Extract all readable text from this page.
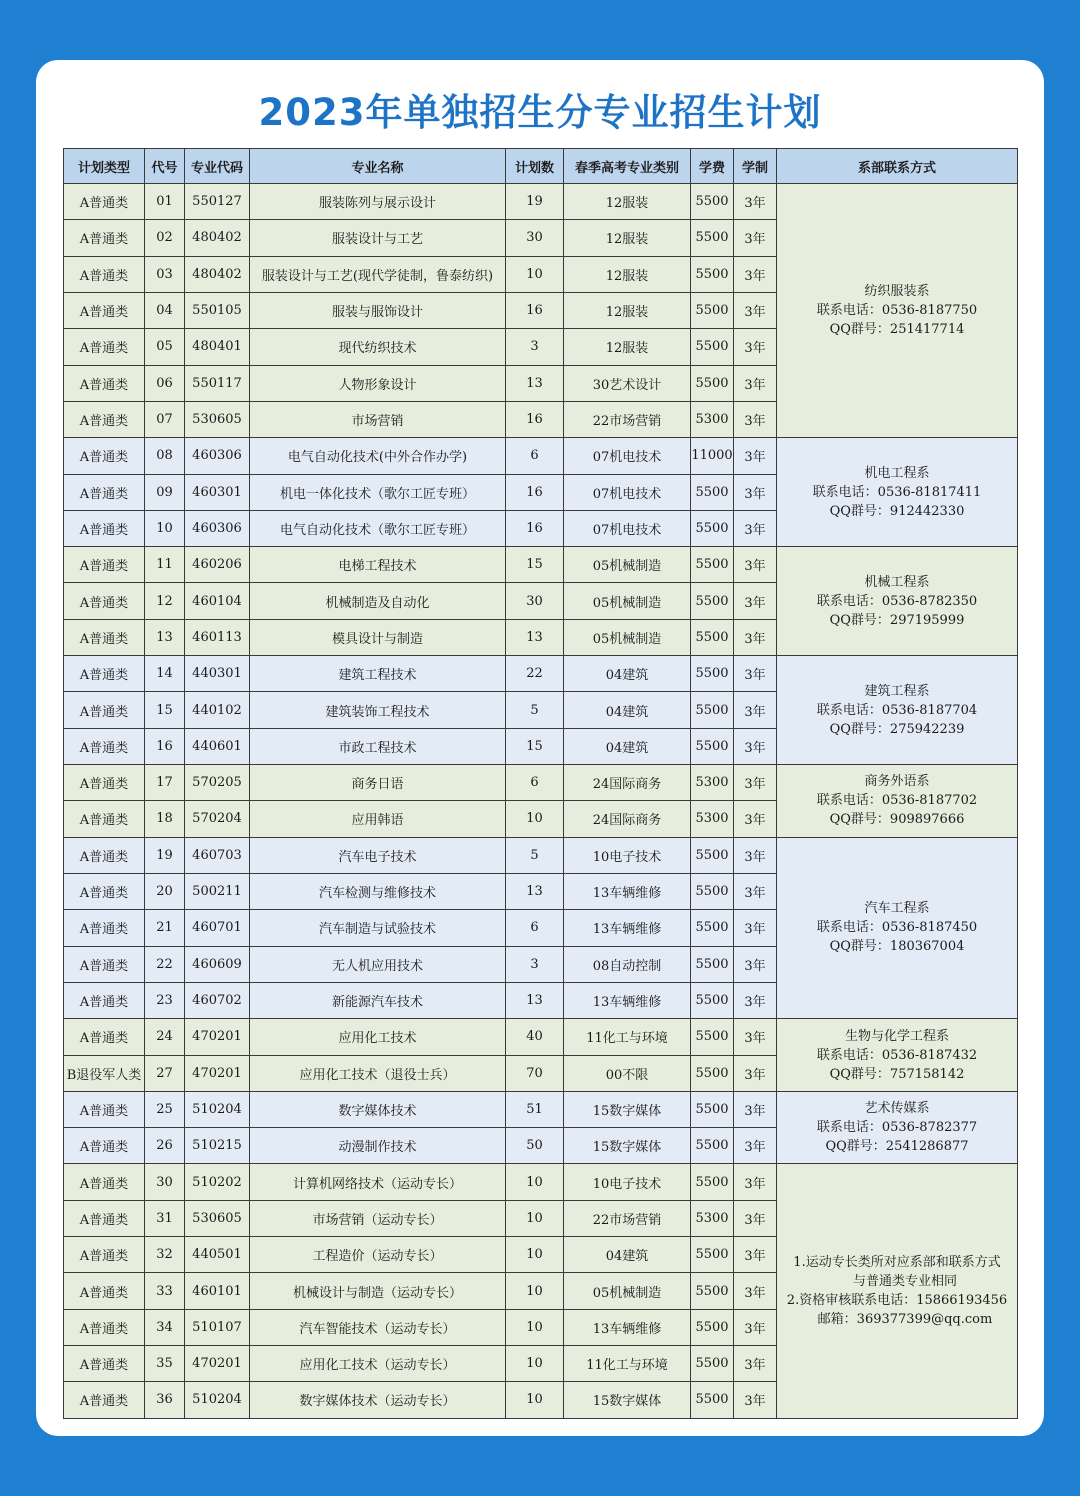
2023年单独招生分专业招生计划
计划类型	代号	专业代码	专业名称	计划数	春季高考专业类别	学费	学制	系部联系方式
A普通类	01	550127	服装陈列与展示设计	19	12服装	5500	3年	纺织服装系
联系电话：0536-8187750
QQ群号：251417714

A普通类	02	480402	服装设计与工艺	30	12服装	5500	3年	
A普通类	03	480402	服装设计与工艺(现代学徒制，鲁泰纺织)	10	12服装	5500	3年	
A普通类	04	550105	服装与服饰设计	16	12服装	5500	3年	
A普通类	05	480401	现代纺织技术	3	12服装	5500	3年	
A普通类	06	550117	人物形象设计	13	30艺术设计	5500	3年	
A普通类	07	530605	市场营销	16	22市场营销	5300	3年	
A普通类	08	460306	电气自动化技术(中外合作办学)	6	07机电技术	11000	3年	机电工程系
联系电话：0536-81817411
QQ群号：912442330

A普通类	09	460301	机电一体化技术（歌尔工匠专班）	16	07机电技术	5500	3年	
A普通类	10	460306	电气自动化技术（歌尔工匠专班）	16	07机电技术	5500	3年	
A普通类	11	460206	电梯工程技术	15	05机械制造	5500	3年	机械工程系
联系电话：0536-8782350
QQ群号：297195999

A普通类	12	460104	机械制造及自动化	30	05机械制造	5500	3年	
A普通类	13	460113	模具设计与制造	13	05机械制造	5500	3年	
A普通类	14	440301	建筑工程技术	22	04建筑	5500	3年	建筑工程系
联系电话：0536-8187704
QQ群号：275942239

A普通类	15	440102	建筑装饰工程技术	5	04建筑	5500	3年	
A普通类	16	440601	市政工程技术	15	04建筑	5500	3年	
A普通类	17	570205	商务日语	6	24国际商务	5300	3年	商务外语系
联系电话：0536-8187702
QQ群号：909897666

A普通类	18	570204	应用韩语	10	24国际商务	5300	3年	
A普通类	19	460703	汽车电子技术	5	10电子技术	5500	3年	汽车工程系
联系电话：0536-8187450
QQ群号：180367004

A普通类	20	500211	汽车检测与维修技术	13	13车辆维修	5500	3年	
A普通类	21	460701	汽车制造与试验技术	6	13车辆维修	5500	3年	
A普通类	22	460609	无人机应用技术	3	08自动控制	5500	3年	
A普通类	23	460702	新能源汽车技术	13	13车辆维修	5500	3年	
A普通类	24	470201	应用化工技术	40	11化工与环境	5500	3年	生物与化学工程系
联系电话：0536-8187432
QQ群号：757158142

B退役军人类	27	470201	应用化工技术（退役士兵）	70	00不限	5500	3年	
A普通类	25	510204	数字媒体技术	51	15数字媒体	5500	3年	艺术传媒系
联系电话：0536-8782377
QQ群号：2541286877

A普通类	26	510215	动漫制作技术	50	15数字媒体	5500	3年	
A普通类	30	510202	计算机网络技术（运动专长）	10	10电子技术	5500	3年	1.运动专长类所对应系部和联系方式
与普通类专业相同
2.资格审核联系电话：15866193456
邮箱：369377399@qq.com

A普通类	31	530605	市场营销（运动专长）	10	22市场营销	5300	3年	
A普通类	32	440501	工程造价（运动专长）	10	04建筑	5500	3年	
A普通类	33	460101	机械设计与制造（运动专长）	10	05机械制造	5500	3年	
A普通类	34	510107	汽车智能技术（运动专长）	10	13车辆维修	5500	3年	
A普通类	35	470201	应用化工技术（运动专长）	10	11化工与环境	5500	3年	
A普通类	36	510204	数字媒体技术（运动专长）	10	15数字媒体	5500	3年	
